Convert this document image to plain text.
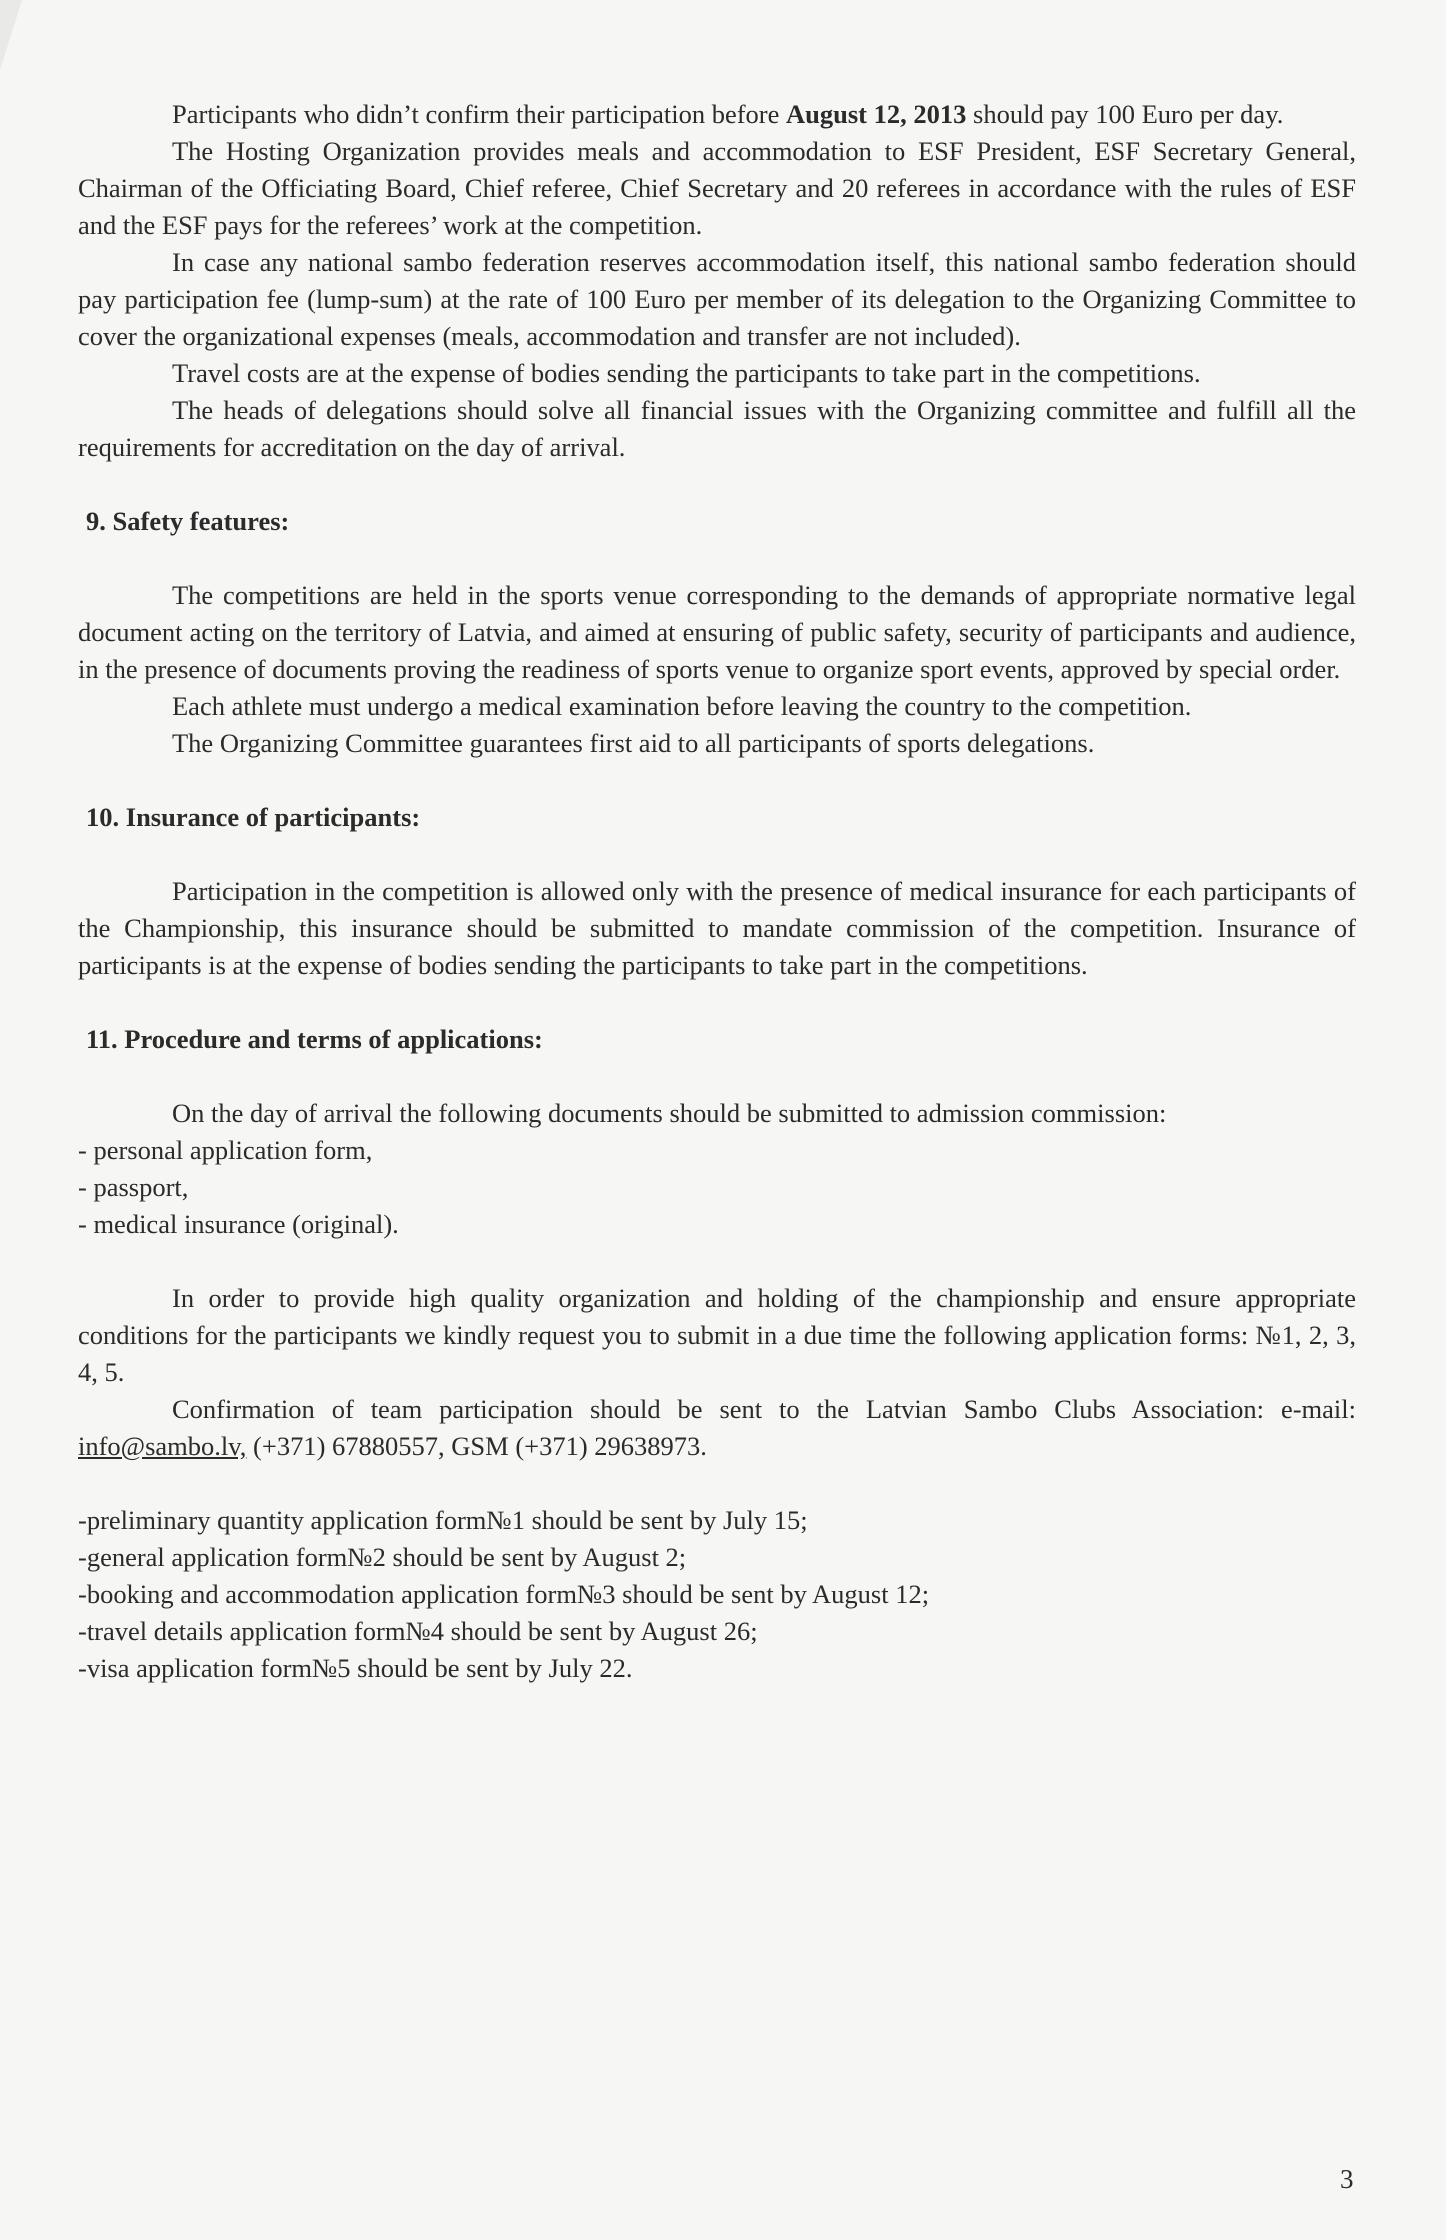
Participants who didn’t confirm their participation before August 12, 2013 should pay 100 Euro per day.

The Hosting Organization provides meals and accommodation to ESF President, ESF Secretary General, Chairman of the Officiating Board, Chief referee, Chief Secretary and 20 referees in accordance with the rules of ESF and the ESF pays for the referees’ work at the competition.

In case any national sambo federation reserves accommodation itself, this national sambo federation should pay participation fee (lump-sum) at the rate of 100 Euro per member of its delegation to the Organizing Committee to cover the organizational expenses (meals, accommodation and transfer are not included).

Travel costs are at the expense of bodies sending the participants to take part in the competitions.

The heads of delegations should solve all financial issues with the Organizing committee and fulfill all the requirements for accreditation on the day of arrival.

9. Safety features:

The competitions are held in the sports venue corresponding to the demands of appropriate normative legal document acting on the territory of Latvia, and aimed at ensuring of public safety, security of participants and audience, in the presence of documents proving the readiness of sports venue to organize sport events, approved by special order.

Each athlete must undergo a medical examination before leaving the country to the competition.

The Organizing Committee guarantees first aid to all participants of sports delegations.

10. Insurance of participants:

Participation in the competition is allowed only with the presence of medical insurance for each participants of the Championship, this insurance should be submitted to mandate commission of the competition. Insurance of participants is at the expense of bodies sending the participants to take part in the competitions.

11. Procedure and terms of applications:

On the day of arrival the following documents should be submitted to admission commission:

- personal application form,

- passport,

- medical insurance (original).

In order to provide high quality organization and holding of the championship and ensure appropriate conditions for the participants we kindly request you to submit in a due time the following application forms: №1, 2, 3, 4, 5.

Confirmation of team participation should be sent to the Latvian Sambo Clubs Association: e-mail: info@sambo.lv, (+371) 67880557, GSM (+371) 29638973.

-preliminary quantity application form№1 should be sent by July 15;

-general application form№2 should be sent by August 2;

-booking and accommodation application form№3 should be sent by August 12;

-travel details application form№4 should be sent by August 26;

-visa application form№5 should be sent by July 22.

3
